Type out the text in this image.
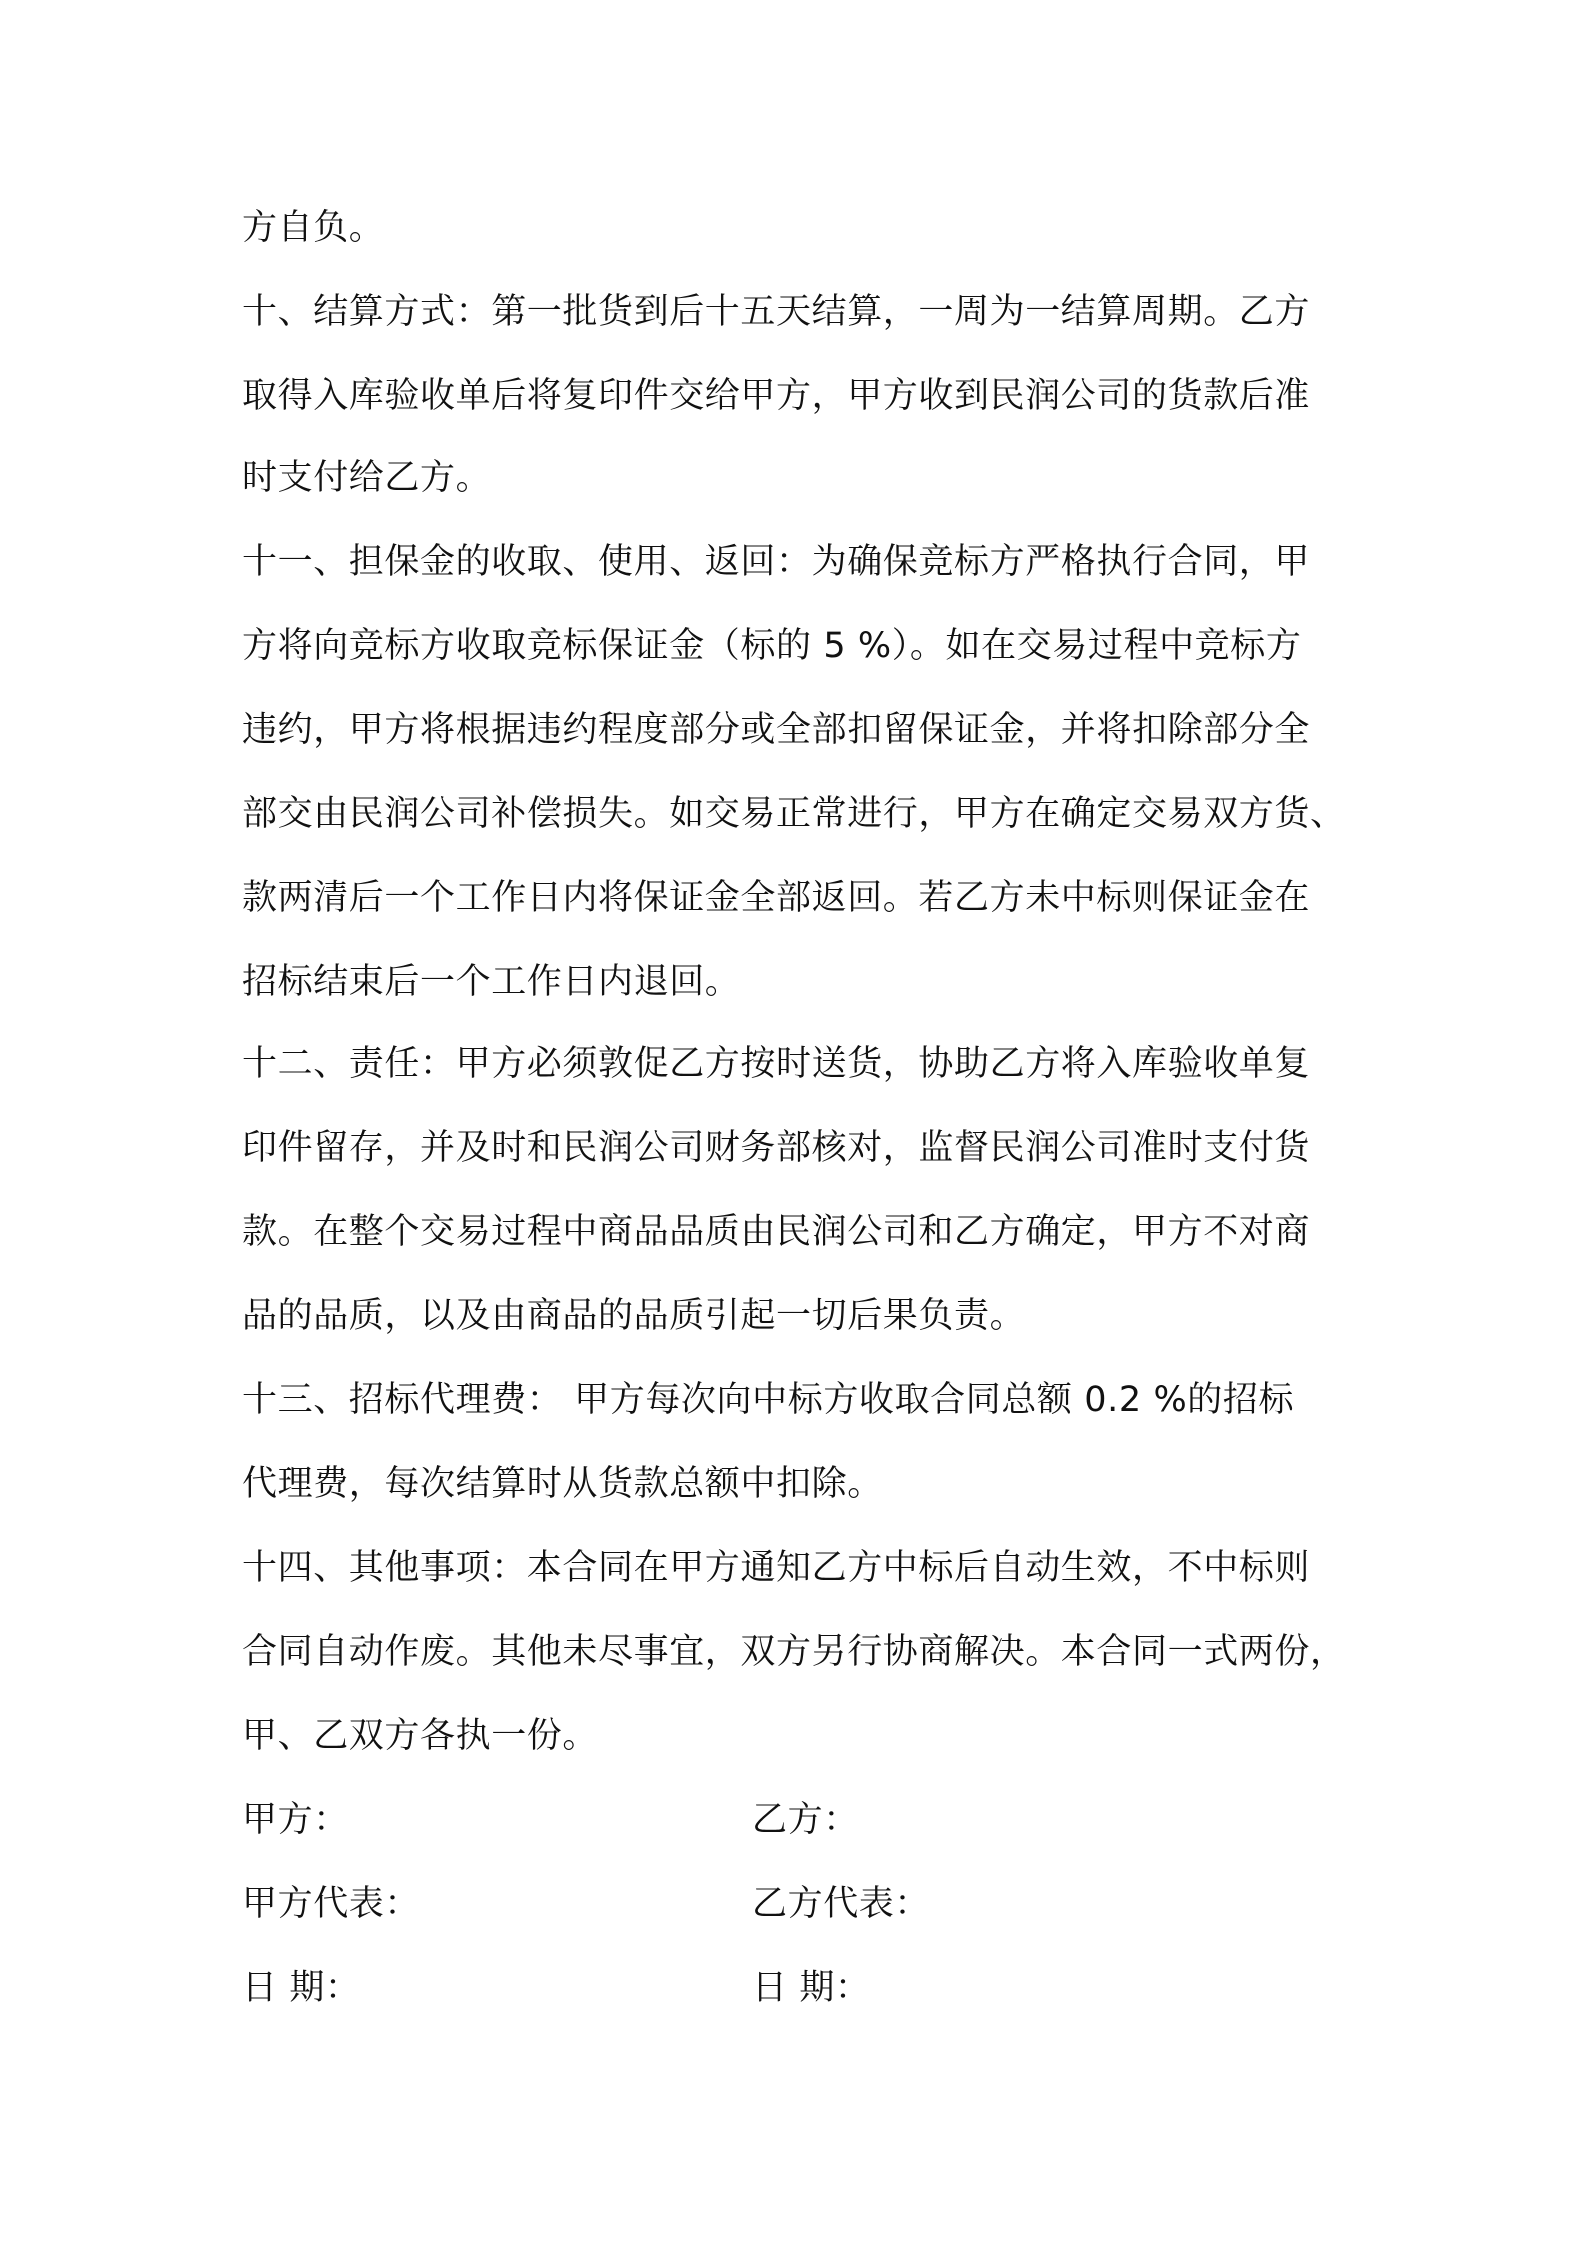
方自负。
十、结算方式：第一批货到后十五天结算，一周为一结算周期。乙方
取得入库验收单后将复印件交给甲方，甲方收到民润公司的货款后准
时支付给乙方。
十一、担保金的收取、使用、返回：为确保竞标方严格执行合同，甲
方将向竞标方收取竞标保证金（标的 5 %）。如在交易过程中竞标方
违约，甲方将根据违约程度部分或全部扣留保证金，并将扣除部分全
部交由民润公司补偿损失。如交易正常进行，甲方在确定交易双方货、
款两清后一个工作日内将保证金全部返回。若乙方未中标则保证金在
招标结束后一个工作日内退回。
十二、责任：甲方必须敦促乙方按时送货，协助乙方将入库验收单复
印件留存，并及时和民润公司财务部核对，监督民润公司准时支付货
款。在整个交易过程中商品品质由民润公司和乙方确定，甲方不对商
品的品质，以及由商品的品质引起一切后果负责。
十三、招标代理费： 甲方每次向中标方收取合同总额 0.2 %的招标
代理费，每次结算时从货款总额中扣除。
十四、其他事项：本合同在甲方通知乙方中标后自动生效，不中标则
合同自动作废。其他未尽事宜，双方另行协商解决。本合同一式两份，
甲、乙双方各执一份。
甲方：	乙方：
甲方代表：	乙方代表：
日 期：	日 期：
